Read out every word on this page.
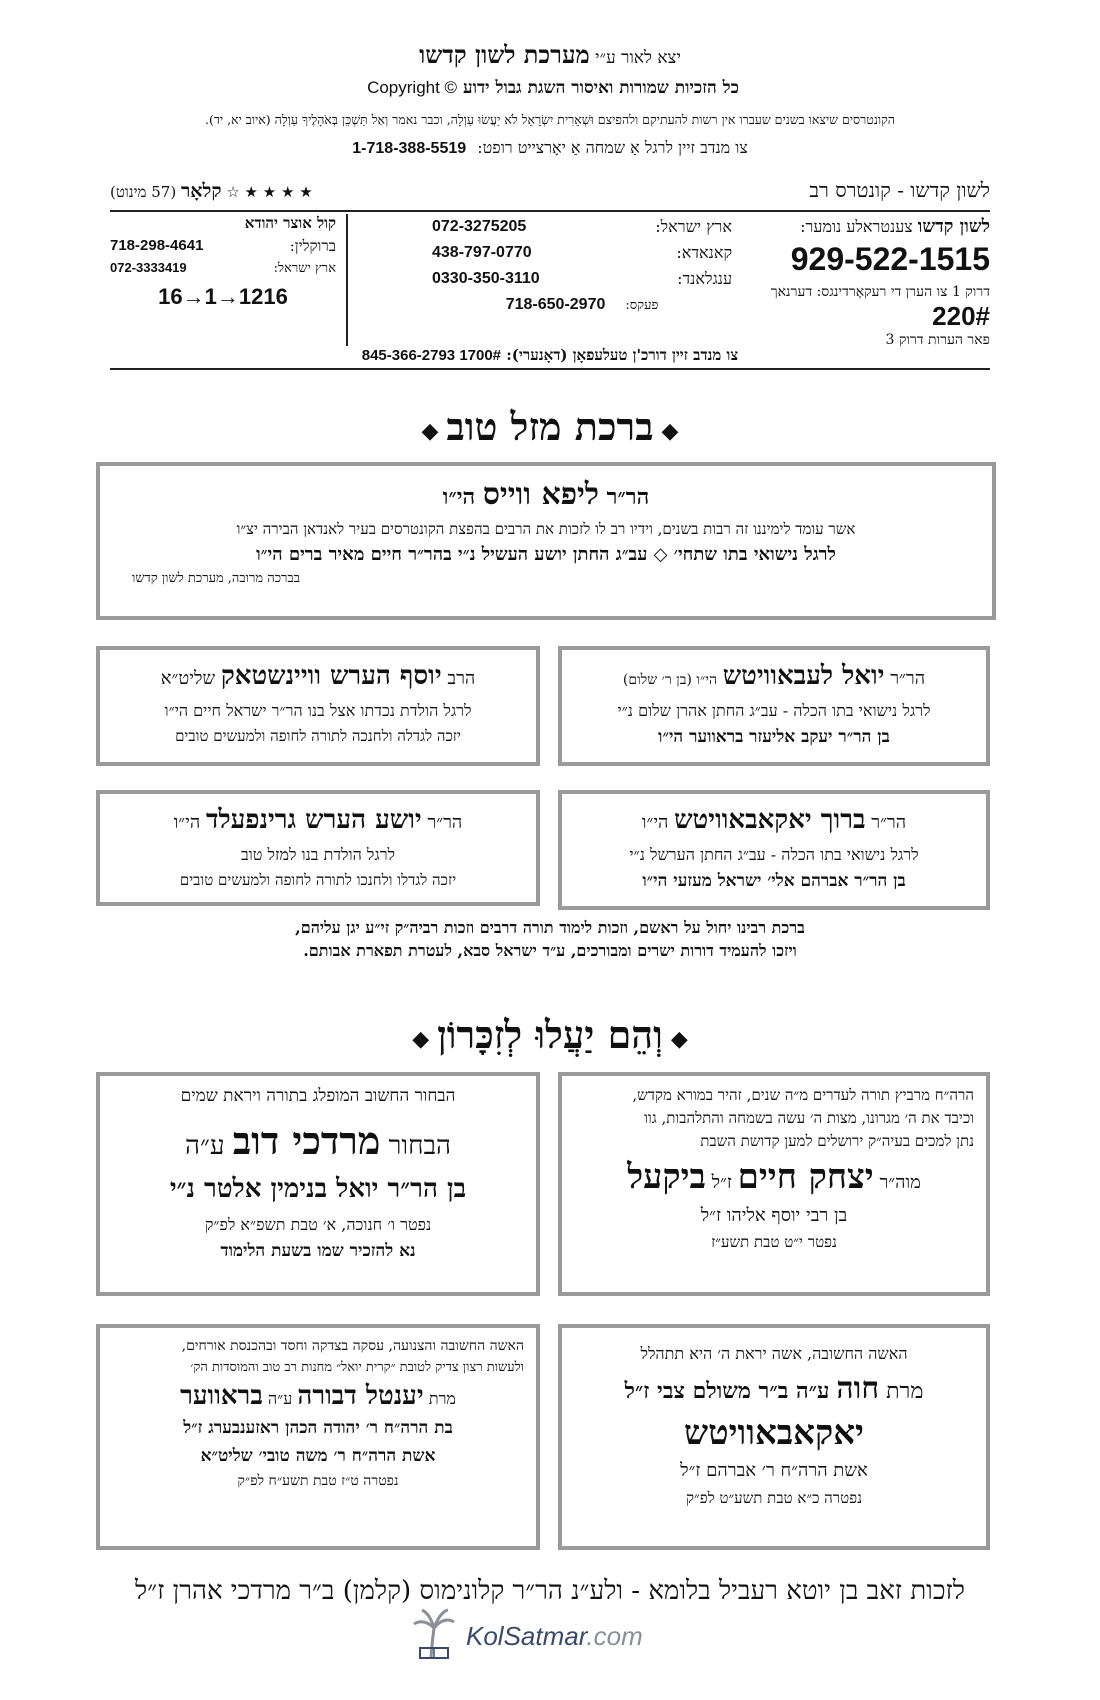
יצא לאור ע״י מערכת לשון קדשו
כל הזכיות שמורות ואיסור השגת גבול ידוע Copyright ©
הקונטרסים שיצאו בשנים שעברו אין רשות להעתיקם ולהפיצם וּשְׁאֵרִית יִשְׂרָאֵל לֹא יַעֲשׂוּ עַוְלָה, וכבר נאמר וְאַל תַּשְׁכֵּן בְּאֹהָלֶיךָ עַוְלָה (איוב יא, יד).
צו מנדב זיין לרגל אַ שמחה אַ יאָרצייט רופט: 1-718-388-5519
לשון קדשו - קונטרס רב
★ ★ ★ ★ ☆ קלאָר (57 מינוט)
לשון קדשו צענטראלע נומער:
929-522-1515
דרוק 1 צו הערן די רעקאָרדינגס: דערנאך 220#
פאר הערות דרוק 3
ארץ ישראל:
072-3275205
קאנאדא:
438-797-0770
ענגלאנד:
0330-350-3110
פעקס:
718-650-2970
קול אוצר יהודא
ברוקלין:
718-298-4641
ארץ ישראל:
072-3333419
16→1→1216
צו מנדב זיין דורכ'ן טעלעפאָן (דאָנערי): 845-366-2793 1700#
◆ברכת מזל טוב◆
הר״ר ליפא ווייס הי״ו
אשר עומד לימיננו זה רבות בשנים, וידיו רב לו לזכות את הרבים בהפצת הקונטרסים בעיר לאנדאן הבירה יצ״ו
לרגל נישואי בתו שתחי׳ ◇ עב״ג החתן יושע העשיל נ״י בהר״ר חיים מאיר ברים הי״ו
בברכה מרובה, מערכת לשון קדשו
הר״ר יואל לעבאוויטש הי״ו (בן ר׳ שלום)
לרגל נישואי בתו הכלה - עב״ג החתן אהרן שלום נ״י
בן הר״ר יעקב אליעזר בראווער הי״ו
הרב יוסף הערש וויינשטאק שליט״א
לרגל הולדת נכדתו אצל בנו הר״ר ישראל חיים הי״ו
יזכה לגדלה ולחנכה לתורה לחופה ולמעשים טובים
הר״ר ברוך יאקאבאוויטש הי״ו
לרגל נישואי בתו הכלה - עב״ג החתן הערשל נ״י
בן הר״ר אברהם אלי׳ ישראל מעזעי הי״ו
הר״ר יושע הערש גרינפעלד הי״ו
לרגל הולדת בנו למזל טוב
יזכה לגדלו ולחנכו לתורה לחופה ולמעשים טובים
ברכת רבינו יחול על ראשם, וזכות לימוד תורה דרבים וזכות רביה״ק זי״ע יגן עליהם,
ויזכו להעמיד דורות ישרים ומבורכים, ע״ד ישראל סבא, לעטרת תפארת אבותם.
◆וְהֵם יַעֲלוּ לְזִכָּרוֹן◆
הרה״ח מרביץ תורה לעדרים מ״ה שנים, זהיר במורא מקדש,
וכיבד את ה׳ מגרונו, מצות ה׳ עשה בשמחה והתלהבות, גוו
נתן למכים בעיה״ק ירושלים למען קדושת השבת
מוה״ר יצחק חיים ז״ל ביקעל
בן רבי יוסף אליהו ז״ל
נפטר י״ט טבת תשע״ז
הבחור החשוב המופלג בתורה ויראת שמים
הבחור מרדכי דוב ע״ה
בן הר״ר יואל בנימין אלטר נ״י
נפטר ו׳ חנוכה, א׳ טבת תשפ״א לפ״ק
נא להזכיר שמו בשעת הלימוד
האשה החשובה, אשה יראת ה׳ היא תתהלל
מרת חוה ע״ה ב״ר משולם צבי ז״ל
יאקאבאוויטש
אשת הרה״ח ר׳ אברהם ז״ל
נפטרה כ״א טבת תשע״ט לפ״ק
האשה החשובה והצנועה, עסקה בצדקה וחסד ובהכנסת אורחים,
ולעשות רצון צדיק לטובת ״קרית יואל״ מחנות רב טוב והמוסדות הק׳
מרת יענטל דבורה ע״ה בראווער
בת הרה״ח ר׳ יהודה הכהן ראזענבערג ז״ל
אשת הרה״ח ר׳ משה טובי׳ שליט״א
נפטרה ט״ז טבת תשע״ח לפ״ק
לזכות זאב בן יוטא רעביל בלומא - ולע״נ הר״ר קלונימוס (קלמן) ב״ר מרדכי אהרן ז״ל
KolSatmar.com
